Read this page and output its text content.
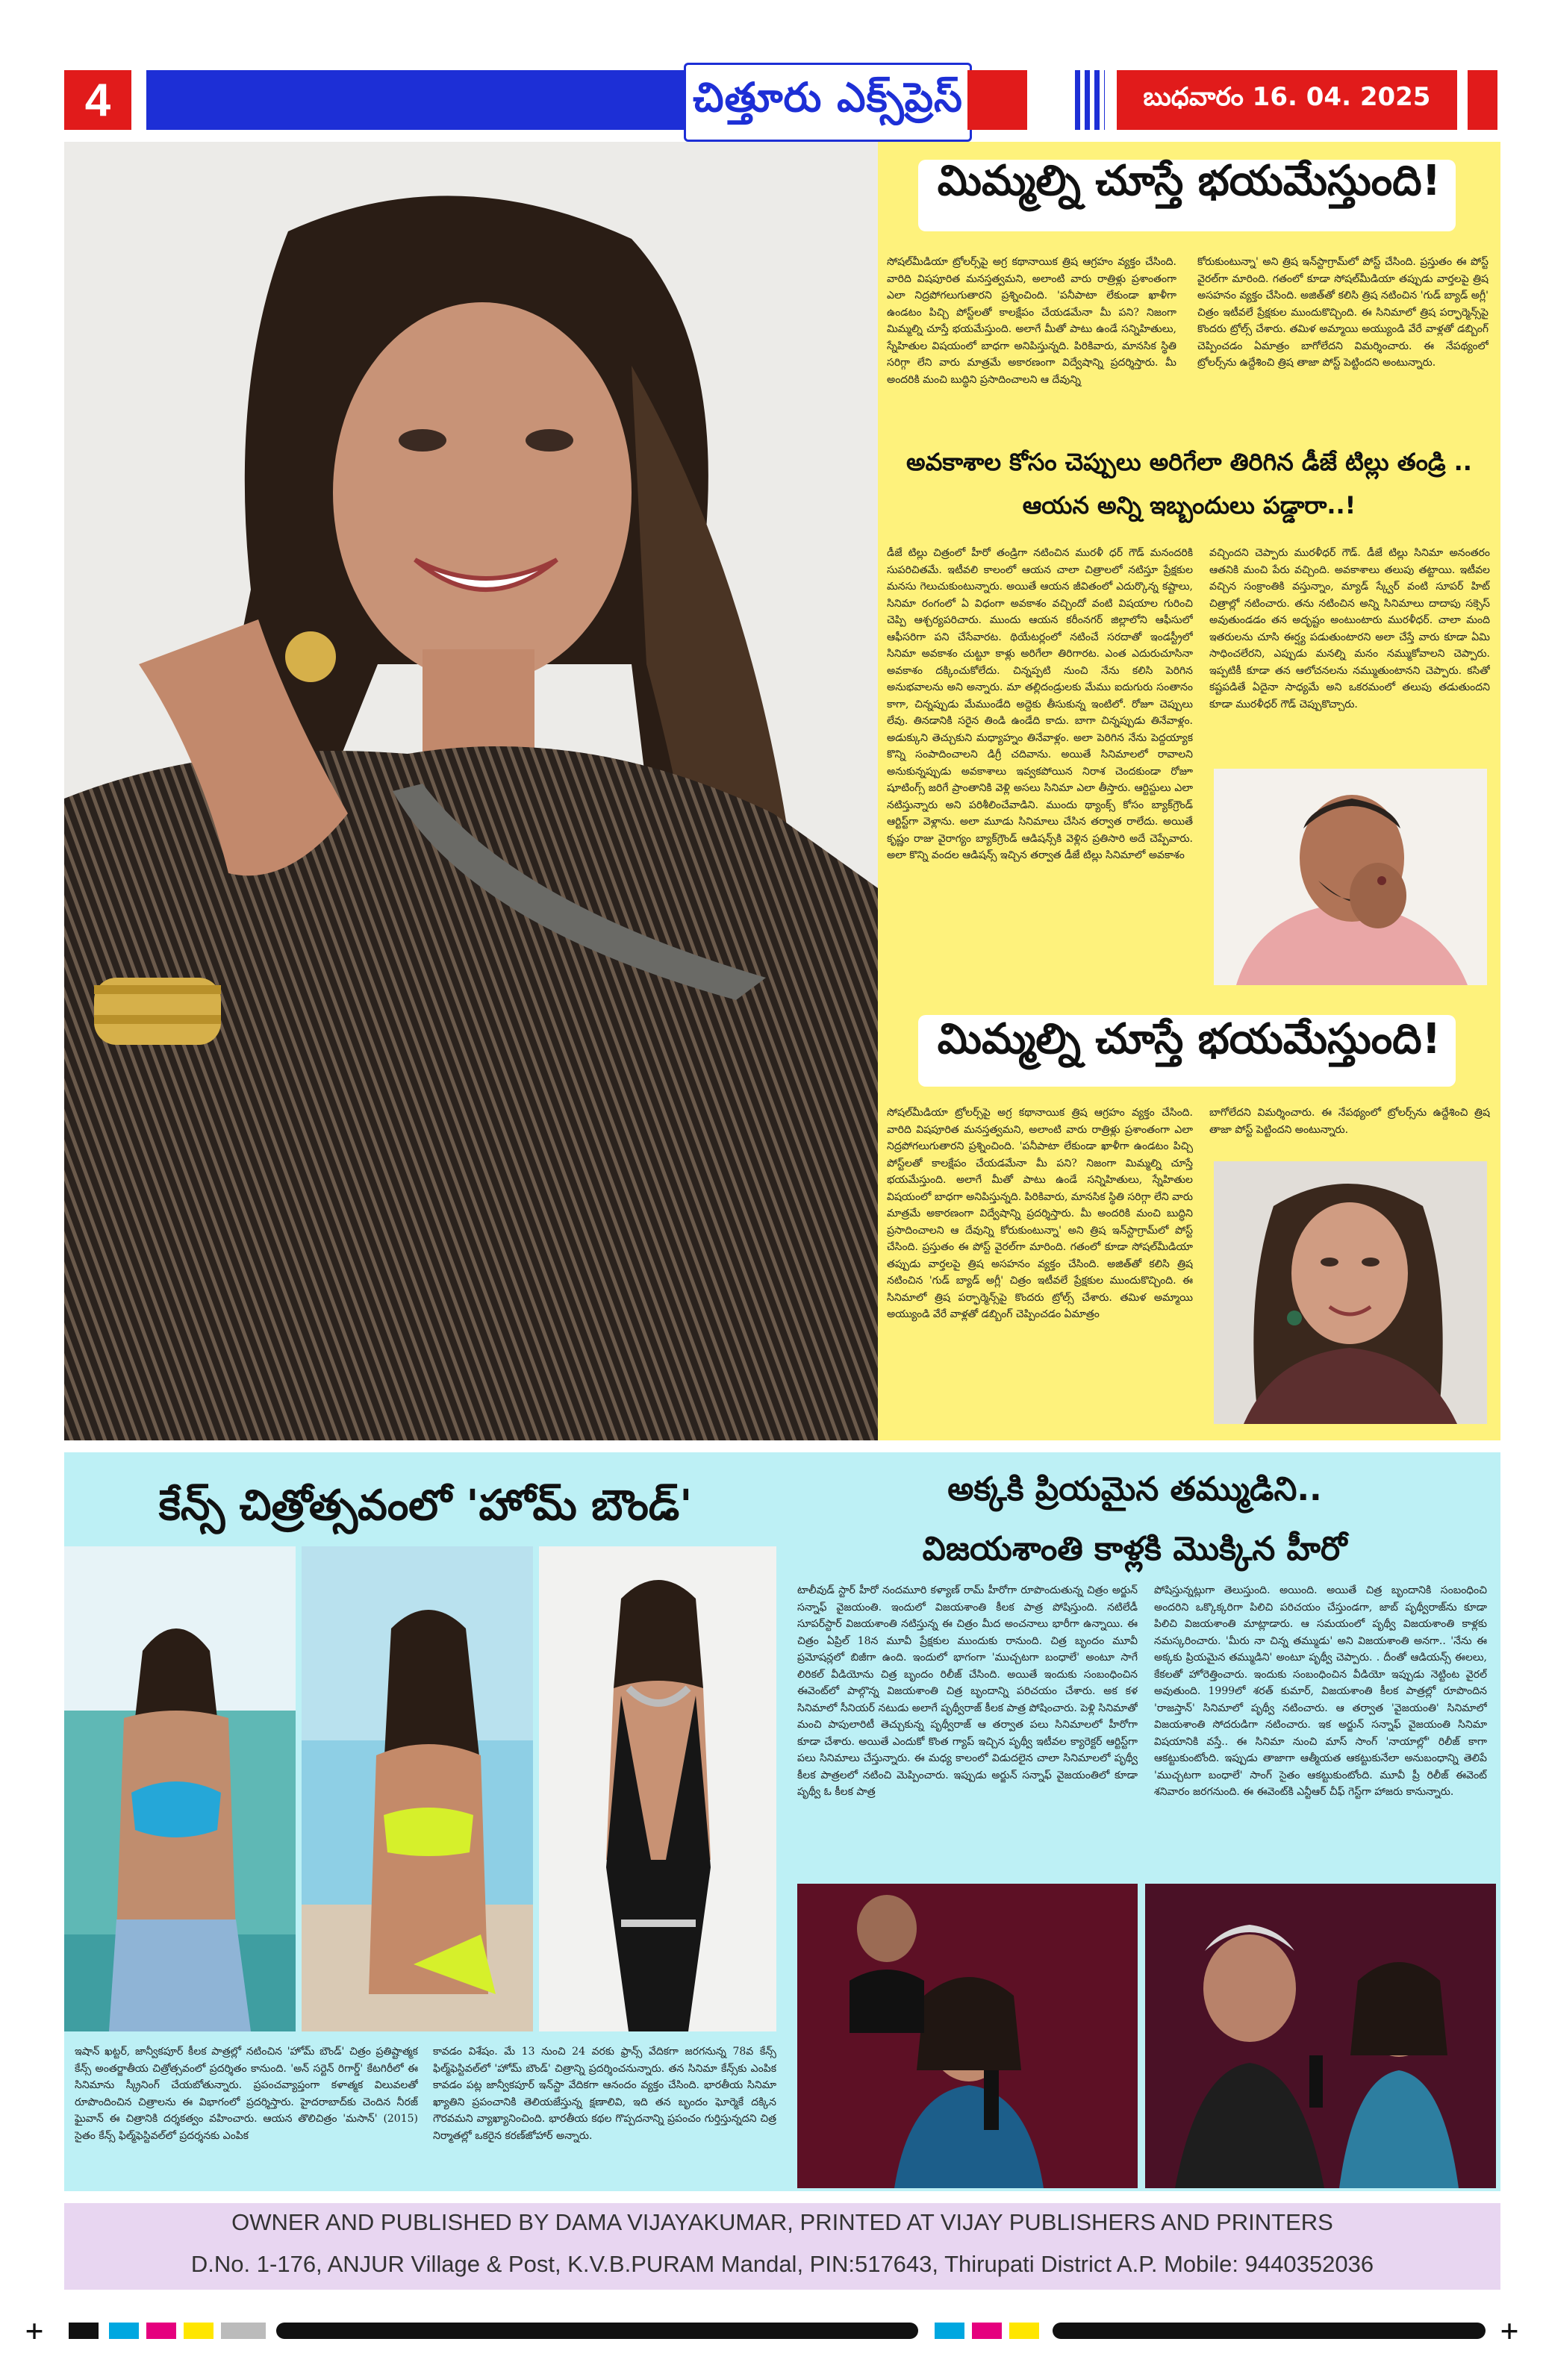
4	చిత్తూరు ఎక్స్‌ప్రెస్	బుధవారం 16. 04. 2025
మిమ్మల్ని చూస్తే భయమేస్తుంది!
సోషల్‌మీడియా ట్రోలర్స్‌పై అగ్ర కథానాయిక త్రిష ఆగ్రహం వ్యక్తం చేసింది. వారిది విషపూరిత మనస్తత్వమని, అలాంటి వారు రాత్రిళ్లు ప్రశాంతంగా ఎలా నిద్రపోగలుగుతారని ప్రశ్నించింది. 'పనీపాటా లేకుండా ఖాళీగా ఉండటం పిచ్చి పోస్ట్‌లతో కాలక్షేపం చేయడమేనా మీ పని? నిజంగా మిమ్మల్ని చూస్తే భయమేస్తుంది. అలాగే మీతో పాటు ఉండే సన్నిహితులు, స్నేహితుల విషయంలో బాధగా అనిపిస్తున్నది. పిరికివారు, మానసిక స్థితి సరిగ్గా లేని వారు మాత్రమే అకారణంగా విద్వేషాన్ని ప్రదర్శిస్తారు. మీ అందరికి మంచి బుద్ధిని ప్రసాదించాలని ఆ దేవున్ని
కోరుకుంటున్నా' అని త్రిష ఇన్‌స్టాగ్రామ్‌లో పోస్ట్ చేసింది. ప్రస్తుతం ఈ పోస్ట్ వైరల్‌గా మారింది. గతంలో కూడా సోషల్‌మీడియా తప్పుడు వార్తలపై త్రిష అసహనం వ్యక్తం చేసింది. అజిత్‌తో కలిసి త్రిష నటించిన 'గుడ్ బ్యాడ్ అగ్లీ' చిత్రం ఇటీవలే ప్రేక్షకుల ముందుకొచ్చింది. ఈ సినిమాలో త్రిష పర్ఫార్మెన్స్‌పై కొందరు ట్రోల్స్ చేశారు. తమిళ అమ్మాయి అయ్యుండి వేరే వాళ్లతో డబ్బింగ్ చెప్పించడం ఏమాత్రం బాగోలేదని విమర్శించారు. ఈ నేపథ్యంలో ట్రోలర్స్‌ను ఉద్దేశించి త్రిష తాజా పోస్ట్ పెట్టిందని అంటున్నారు.
అవకాశాల కోసం చెప్పులు అరిగేలా తిరిగిన డీజే టిల్లు తండ్రి ..
ఆయన అన్ని ఇబ్బందులు పడ్డారా..!
డీజే టిల్లు చిత్రంలో హీరో తండ్రిగా నటించిన మురళీ ధర్ గౌడ్ మనందరికి సుపరిచితమే. ఇటీవలి కాలంలో ఆయన చాలా చిత్రాలలో నటిస్తూ ప్రేక్షకుల మనసు గెలుచుకుంటున్నారు. అయితే ఆయన జీవితంలో ఎదుర్కొన్న కష్టాలు, సినిమా రంగంలో ఏ విధంగా అవకాశం వచ్చిందో వంటి విషయాల గురించి చెప్పి ఆశ్చర్యపరిచారు. ముందు ఆయన కరీంనగర్ జిల్లాలోని ఆఫీసులో ఆఫీసరిగా పని చేసేవారట. థియేటర్లంలో నటించే సరదాతో ఇండస్ట్రీలో సినిమా అవకాశం చుట్టూ కాళ్లు అరిగేలా తిరిగారట. ఎంత ఎదురుచూసినా అవకాశం దక్కించుకోలేదు. చిన్నప్పటి నుంచి నేను కలిసి పెరిగిన అనుభవాలను అని అన్నారు. మా తల్లిదండ్రులకు మేము ఐదుగురు సంతానం కాగా, చిన్నప్పుడు మేముండేది అద్దెకు తీసుకున్న ఇంటిలో. రోజూ చెప్పులు లేవు. తినడానికి సరైన తిండి ఉండేది కాదు. బాగా చిన్నప్పుడు తినేవాళ్లం. అడుక్కుని తెచ్చుకుని మధ్యాహ్నం తినేవాళ్లం. అలా పెరిగిన నేను పెద్దయ్యాక కొన్ని సంపాదించాలని డిగ్రీ చదివాను. అయితే సినిమాలలో రావాలని అనుకున్నప్పుడు అవకాశాలు ఇవ్వకపోయిన నిరాశ చెందకుండా రోజూ షూటింగ్స్ జరిగే ప్రాంతానికి వెళ్లి అసలు సినిమా ఎలా తీస్తారు. ఆర్టిస్టులు ఎలా నటిస్తున్నారు అని పరిశీలించేవాడిని. ముందు థ్యాంక్స్ కోసం బ్యాక్‌గ్రౌండ్ ఆర్టిస్ట్‌గా వెళ్లాను. అలా మూడు సినిమాలు చేసిన తర్వాత రాలేదు. అయితే కృష్ణం రాజు వైరాగ్యం బ్యాక్‌గ్రౌండ్ ఆడిషన్స్‌కి వెళ్లిన ప్రతిసారి అదే చెప్పేవారు. అలా కొన్ని వందల ఆడిషన్స్ ఇచ్చిన తర్వాత డీజే టిల్లు సినిమాలో అవకాశం
వచ్చిందని చెప్పారు మురళీధర్ గౌడ్. డీజే టిల్లు సినిమా అనంతరం ఆతనికి మంచి పేరు వచ్చింది. అవకాశాలు తలుపు తట్టాయి. ఇటీవల వచ్చిన సంక్రాంతికి వస్తున్నాం, మ్యాడ్ స్క్వేర్ వంటి సూపర్ హిట్ చిత్రాల్లో నటించారు. తను నటించిన అన్ని సినిమాలు దాదాపు సక్సెస్ అవుతుండడం తన అదృష్టం అంటుంటారు మురళీధర్. చాలా మంది ఇతరులను చూసి ఈర్ష్య పడుతుంటారని అలా చేస్తే వారు కూడా ఏమి సాధించలేరని, ఎప్పుడు మనల్ని మనం నమ్ముకోవాలని చెప్పారు. ఇప్పటికీ కూడా తన ఆలోచనలను నమ్ముతుంటానని చెప్పారు. కసితో కష్టపడితే ఏదైనా సాధ్యమే అని ఒకరమంలో తలుపు తడుతుందని కూడా మురళీధర్ గౌడ్ చెప్పుకొచ్చారు.
మిమ్మల్ని చూస్తే భయమేస్తుంది!
సోషల్‌మీడియా ట్రోలర్స్‌పై అగ్ర కథానాయిక త్రిష ఆగ్రహం వ్యక్తం చేసింది. వారిది విషపూరిత మనస్తత్వమని, అలాంటి వారు రాత్రిళ్లు ప్రశాంతంగా ఎలా నిద్రపోగలుగుతారని ప్రశ్నించింది. 'పనీపాటా లేకుండా ఖాళీగా ఉండటం పిచ్చి పోస్ట్‌లతో కాలక్షేపం చేయడమేనా మీ పని? నిజంగా మిమ్మల్ని చూస్తే భయమేస్తుంది. అలాగే మీతో పాటు ఉండే సన్నిహితులు, స్నేహితుల విషయంలో బాధగా అనిపిస్తున్నది. పిరికివారు, మానసిక స్థితి సరిగ్గా లేని వారు మాత్రమే అకారణంగా విద్వేషాన్ని ప్రదర్శిస్తారు. మీ అందరికి మంచి బుద్ధిని ప్రసాదించాలని ఆ దేవున్ని కోరుకుంటున్నా' అని త్రిష ఇన్‌స్టాగ్రామ్‌లో పోస్ట్ చేసింది. ప్రస్తుతం ఈ పోస్ట్ వైరల్‌గా మారింది. గతంలో కూడా సోషల్‌మీడియా తప్పుడు వార్తలపై త్రిష అసహనం వ్యక్తం చేసింది. అజిత్‌తో కలిసి త్రిష నటించిన 'గుడ్ బ్యాడ్ అగ్లీ' చిత్రం ఇటీవలే ప్రేక్షకుల ముందుకొచ్చింది. ఈ సినిమాలో త్రిష పర్ఫార్మెన్స్‌పై కొందరు ట్రోల్స్ చేశారు. తమిళ అమ్మాయి అయ్యుండి వేరే వాళ్లతో డబ్బింగ్ చెప్పించడం ఏమాత్రం
బాగోలేదని విమర్శించారు. ఈ నేపథ్యంలో ట్రోలర్స్‌ను ఉద్దేశించి త్రిష తాజా పోస్ట్ పెట్టిందని అంటున్నారు.
కేన్స్ చిత్రోత్సవంలో 'హోమ్ బౌండ్'	అక్కకి ప్రియమైన తమ్ముడిని..
విజయశాంతి కాళ్లకి మొక్కిన హీరో
ఇషాన్ ఖట్టర్, జాన్వీకపూర్ కీలక పాత్రల్లో నటించిన 'హోమ్ బౌండ్' చిత్రం ప్రతిష్టాత్మక కేన్స్ అంతర్జాతీయ చిత్రోత్సవంలో ప్రదర్శితం కానుంది. 'అన్ సర్టెన్ రిగార్డ్' కేటగిరీలో ఈ సినిమాను స్క్రీనింగ్ చేయబోతున్నారు. ప్రపంచవ్యాప్తంగా కళాత్మక విలువలతో రూపొందించిన చిత్రాలను ఈ విభాగంలో ప్రదర్శిస్తారు. హైదరాబాద్‌కు చెందిన నీరజ్ ఘైవాన్ ఈ చిత్రానికి దర్శకత్వం వహించారు. ఆయన తొలిచిత్రం 'మసాన్' (2015) సైతం కేన్స్ ఫిల్మ్‌ఫెస్టివల్‌లో ప్రదర్శనకు ఎంపిక
కావడం విశేషం. మే 13 నుంచి 24 వరకు ఫ్రాన్స్ వేదికగా జరగనున్న 78వ కేన్స్ ఫిల్మ్‌ఫెస్టివల్‌లో 'హోమ్ బౌండ్' చిత్రాన్ని ప్రదర్శించనున్నారు. తన సినిమా కేన్స్‌కు ఎంపిక కావడం పట్ల జాన్వీకపూర్ ఇన్‌స్టా వేదికగా ఆనందం వ్యక్తం చేసింది. భారతీయ సినిమా ఖ్యాతిని ప్రపంచానికి తెలియజేస్తున్న క్షణాలివి, ఇది తన బృందం ఘోర్మెకే దక్కిన గౌరవమని వ్యాఖ్యానించింది. భారతీయ కథల గొప్పదనాన్ని ప్రపంచం గుర్తిస్తున్నదని చిత్ర నిర్మాతల్లో ఒకరైన కరణ్‌జోహార్ అన్నారు.
టాలీవుడ్ స్టార్ హీరో నందమూరి కళ్యాణ్ రామ్ హీరోగా రూపొందుతున్న చిత్రం అర్జున్ సన్నాఫ్ వైజయంతి. ఇందులో విజయశాంతి కీలక పాత్ర పోషిస్తుంది. నటిలేడీ సూపర్‌స్టార్ విజయశాంతి నటిస్తున్న ఈ చిత్రం మీద అంచనాలు భారీగా ఉన్నాయి. ఈ చిత్రం ఏప్రిల్ 18న మూవీ ప్రేక్షకుల ముందుకు రానుంది. చిత్ర బృందం మూవీ ప్రమోషన్లలో బిజీగా ఉంది. ఇందులో భాగంగా 'ముచ్చటగా బంధాలే' అంటూ సాగే లిరికల్ వీడియోను చిత్ర బృందం రిలీజ్ చేసింది. అయితే ఇందుకు సంబంధించిన ఈవెంట్‌లో పాల్గొన్న విజయశాంతి చిత్ర బృందాన్ని పరిచయం చేశారు. అక కళ సినిమాలో సీనియర్ నటుడు అలాగే పృథ్వీరాజ్ కీలక పాత్ర పోషించారు. పెళ్లి సినిమాతో మంచి పాపులారిటీ తెచ్చుకున్న పృథ్వీరాజ్ ఆ తర్వాత పలు సినిమాలలో హీరోగా కూడా చేశారు. అయితే ఎందుకో కొంత గ్యాప్ ఇచ్చిన పృథ్వీ ఇటీవల క్యారెక్టర్ ఆర్టిస్ట్‌గా పలు సినిమాలు చేస్తున్నారు. ఈ మధ్య కాలంలో విడుదలైన చాలా సినిమాలలో పృథ్వీ కీలక పాత్రలలో నటించి మెప్పించారు. ఇప్పుడు అర్జున్ సన్నాఫ్ వైజయంతిలో కూడా పృథ్వీ ఓ కీలక పాత్ర
పోషిస్తున్నట్లుగా తెలుస్తుంది. అయింది. అయితే చిత్ర బృందానికి సంబంధించి అందరిని ఒక్కొక్కరిగా పిలిచి పరిచయం చేస్తుండగా, జాబ్ పృథ్వీరాజ్‌ను కూడా పిలిచి విజయశాంతి మాట్లాడారు. ఆ సమయంలో పృథ్వీ విజయశాంతి కాళ్లకు నమస్కరించారు. 'మీరు నా చిన్న తమ్ముడు' అని విజయశాంతి అనగా.. 'నేను ఈ అక్కకు ప్రియమైన తమ్ముడిని' అంటూ పృథ్వీ చెప్పారు. . దీంతో ఆడియన్స్ ఈలలు, కేకలతో హోరెత్తించారు. ఇందుకు సంబంధించిన వీడియో ఇప్పుడు నెట్టింట వైరల్ అవుతుంది. 1999లో శరత్ కుమార్, విజయశాంతి కీలక పాత్రల్లో రూపొందిన 'రాజస్తాన్' సినిమాలో పృథ్వీ నటించారు. ఆ తర్వాత 'వైజయంతి' సినిమాలో విజయశాంతి సోదరుడిగా నటించారు. ఇక అర్జున్ సన్నాఫ్ వైజయంతి సినిమా విషయానికి వస్తే.. ఈ సినిమా నుంచి మాస్ సాంగ్ 'నాయాల్లో' రిలీజ్ కాగా ఆకట్టుకుంటోంది. ఇప్పుడు తాజాగా ఆత్మీయత ఆకట్టుకునేలా అనుబంధాన్ని తెలిపే 'ముచ్చటగా బంధాలే' సాంగ్ సైతం ఆకట్టుకుంటోంది. మూవీ ప్రీ రిలీజ్ ఈవెంట్ శనివారం జరగనుంది. ఈ ఈవెంట్‌కి ఎన్టీఆర్ చీఫ్ గెస్ట్‌గా హాజరు కానున్నారు.
OWNER AND PUBLISHED BY DAMA VIJAYAKUMAR, PRINTED AT VIJAY PUBLISHERS AND PRINTERS
D.No. 1-176, ANJUR Village & Post, K.V.B.PURAM Mandal, PIN:517643, Thirupati District A.P. Mobile: 9440352036
+	+
